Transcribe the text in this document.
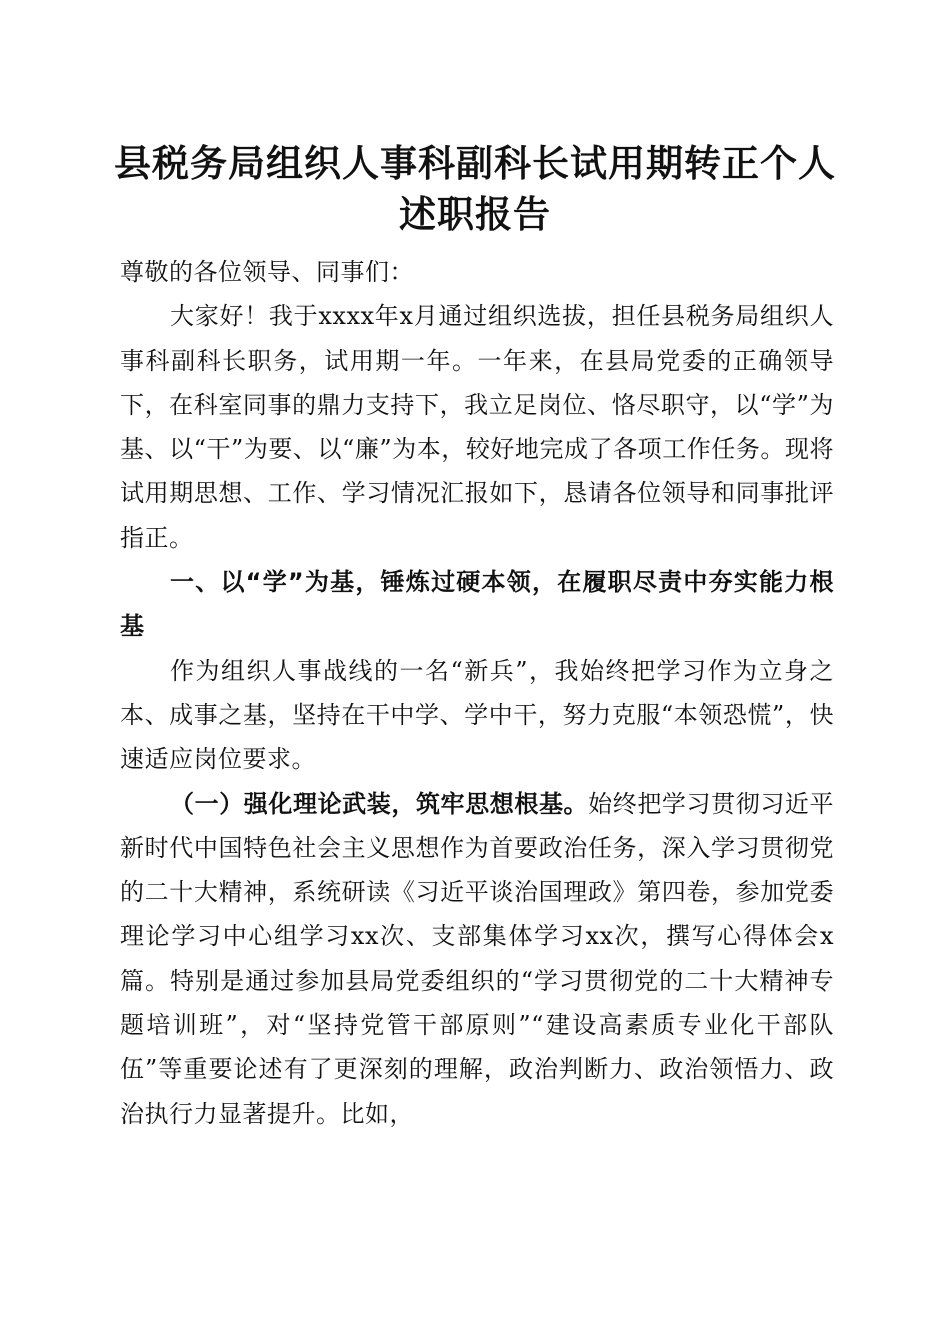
县税务局组织人事科副科长试用期转正个人述职报告

尊敬的各位领导、同事们：

大家好！我于xxxx年x月通过组织选拔，担任县税务局组织人事科副科长职务，试用期一年。一年来，在县局党委的正确领导下，在科室同事的鼎力支持下，我立足岗位、恪尽职守，以“学”为基、以“干”为要、以“廉”为本，较好地完成了各项工作任务。现将试用期思想、工作、学习情况汇报如下，恳请各位领导和同事批评指正。

一、以“学”为基，锤炼过硬本领，在履职尽责中夯实能力根基

作为组织人事战线的一名“新兵”，我始终把学习作为立身之本、成事之基，坚持在干中学、学中干，努力克服“本领恐慌”，快速适应岗位要求。

（一）强化理论武装，筑牢思想根基。始终把学习贯彻习近平新时代中国特色社会主义思想作为首要政治任务，深入学习贯彻党的二十大精神，系统研读《习近平谈治国理政》第四卷，参加党委理论学习中心组学习xx次、支部集体学习xx次，撰写心得体会x篇。特别是通过参加县局党委组织的“学习贯彻党的二十大精神专题培训班”，对“坚持党管干部原则”“建设高素质专业化干部队伍”等重要论述有了更深刻的理解，政治判断力、政治领悟力、政治执行力显著提升。比如，
